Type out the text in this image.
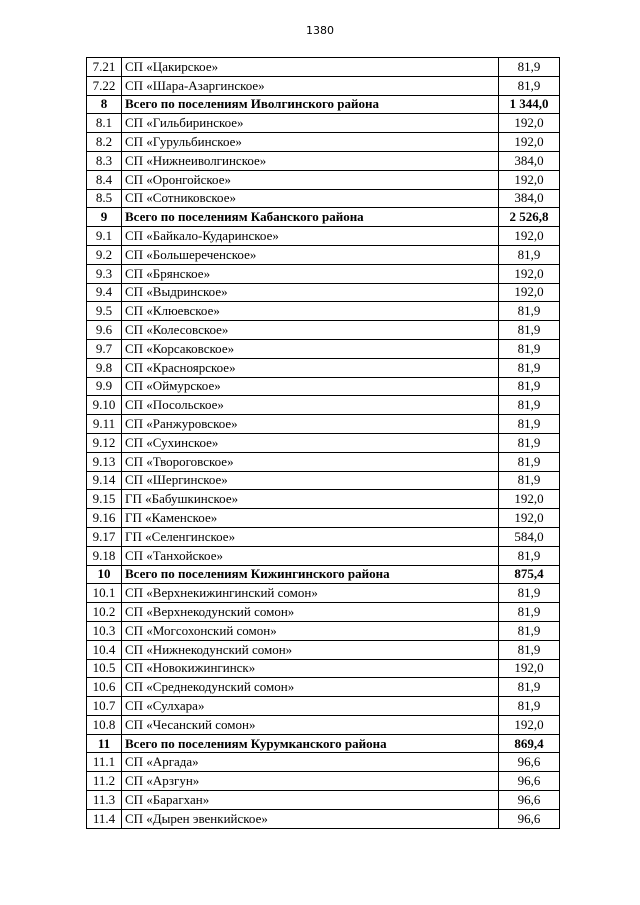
1380
7.21	СП «Цакирское»	81,9
7.22	СП «Шара-Азаргинское»	81,9
8	Всего по поселениям Иволгинского района	1 344,0
8.1	СП «Гильбиринское»	192,0
8.2	СП «Гурульбинское»	192,0
8.3	СП «Нижнеиволгинское»	384,0
8.4	СП «Оронгойское»	192,0
8.5	СП «Сотниковское»	384,0
9	Всего по поселениям Кабанского района	2 526,8
9.1	СП «Байкало-Кударинское»	192,0
9.2	СП «Большереченское»	81,9
9.3	СП «Брянское»	192,0
9.4	СП «Выдринское»	192,0
9.5	СП «Клюевское»	81,9
9.6	СП «Колесовское»	81,9
9.7	СП «Корсаковское»	81,9
9.8	СП «Красноярское»	81,9
9.9	СП «Оймурское»	81,9
9.10	СП «Посольское»	81,9
9.11	СП «Ранжуровское»	81,9
9.12	СП «Сухинское»	81,9
9.13	СП «Твороговское»	81,9
9.14	СП «Шергинское»	81,9
9.15	ГП «Бабушкинское»	192,0
9.16	ГП «Каменское»	192,0
9.17	ГП «Селенгинское»	584,0
9.18	СП «Танхойское»	81,9
10	Всего по поселениям Кижингинского района	875,4
10.1	СП «Верхнекижингинский сомон»	81,9
10.2	СП «Верхнекодунский сомон»	81,9
10.3	СП «Могсохонский сомон»	81,9
10.4	СП «Нижнекодунский сомон»	81,9
10.5	СП «Новокижингинск»	192,0
10.6	СП «Среднекодунский сомон»	81,9
10.7	СП «Сулхара»	81,9
10.8	СП «Чесанский сомон»	192,0
11	Всего по поселениям Курумканского района	869,4
11.1	СП «Аргада»	96,6
11.2	СП «Арзгун»	96,6
11.3	СП «Барагхан»	96,6
11.4	СП «Дырен эвенкийское»	96,6
